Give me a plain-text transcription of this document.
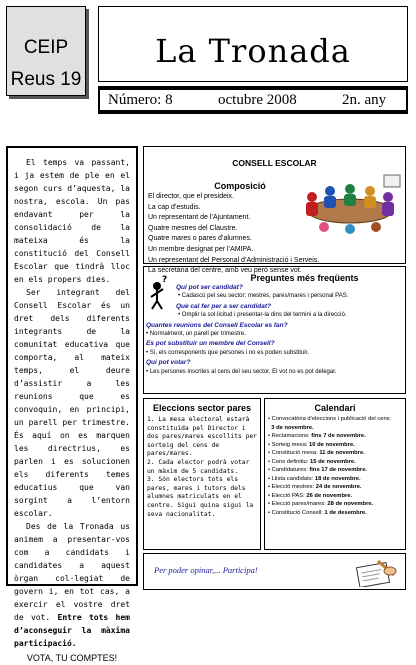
CEIP
Reus 19
La Tronada
Número: 8	octubre 2008	2n. any

El temps va passant, i ja estem de ple en el segon curs d’aquesta, la nostra, escola. Un pas endavant per la consolidació de la mateixa és la constitució del Consell Escolar que tindrà lloc en els propers dies.

Ser integrant del Consell Escolar és un dret dels diferents integrants de la comunitat educativa que comporta, al mateix temps, el deure d’assistir a les reunions que es convoquin, en principi, un parell per trimestre. És aquí on es marquen les directrius, es parlen i es solucionen els diferents temes educatius que van sorgint a l’entorn escolar.

Des de la Tronada us animem a presentar-vos com a candidats i candidates a aquest òrgan col·legiat de govern i, en tot cas, a exercir el vostre dret de vot. Entre tots hem d’aconseguir la màxima participació.

VOTA, TU COMPTES!

CONSELL ESCOLAR
Composició
El director, que el presideix.
La cap d’estudis.
Un representant de l’Ajuntament.
Quatre mestres del Claustre.
Quatre mares o pares d’alumnes.
Un membre designat per l’AMIPA.
Un representant del Personal d’Administració i Serveis.
La secretària del centre, amb veu però sense vot.
?	Preguntes més freqüents
Qui pot ser candidat?
• Cadascú pel seu sector: mestres, pares/mares i personal PAS.
Què cal fer per a ser candidat?
• Omplir la sol·licitud i presentar-la dins del termini a la direcció.
Quantes reunions del Consell Escolar es fan?
• Normalment, un parell per trimestre.
Es pot substituir un membre del Consell?
• Sí, els corresponents que persones i no es poden substituir.
Qui pot votar?
• Les persones inscrites al cens del seu sector. El vot no es pot delegar.
Eleccions sector pares
1. La mesa electoral estarà constituïda pel Director i dos pares/mares escollits per sorteig del cens de pares/mares.
2. Cada elector podrà votar un màxim de 5 candidats.
3. Són electors tots els pares, mares i tutors dels alumnes matriculats en el centre. Sigui quina sigui la seva nacionalitat.
Calendari
• Convocatòria d’eleccions i publicació del cens:
3 de novembre.
• Reclamacions: fins 7 de novembre.
• Sorteig mesa: 10 de novembre.
• Constitució mesa: 11 de novembre.
• Cens definitiu: 15 de novembre.
• Candidatures: fins 17 de novembre.
• Llista candidats: 18 de novembre.
• Elecció mestres: 24 de novembre.
• Elecció PAS: 26 de novembre.
• Elecció pares/mares: 28 de novembre.
• Constitució Consell: 1 de desembre.
Per poder opinar,... Participa!
